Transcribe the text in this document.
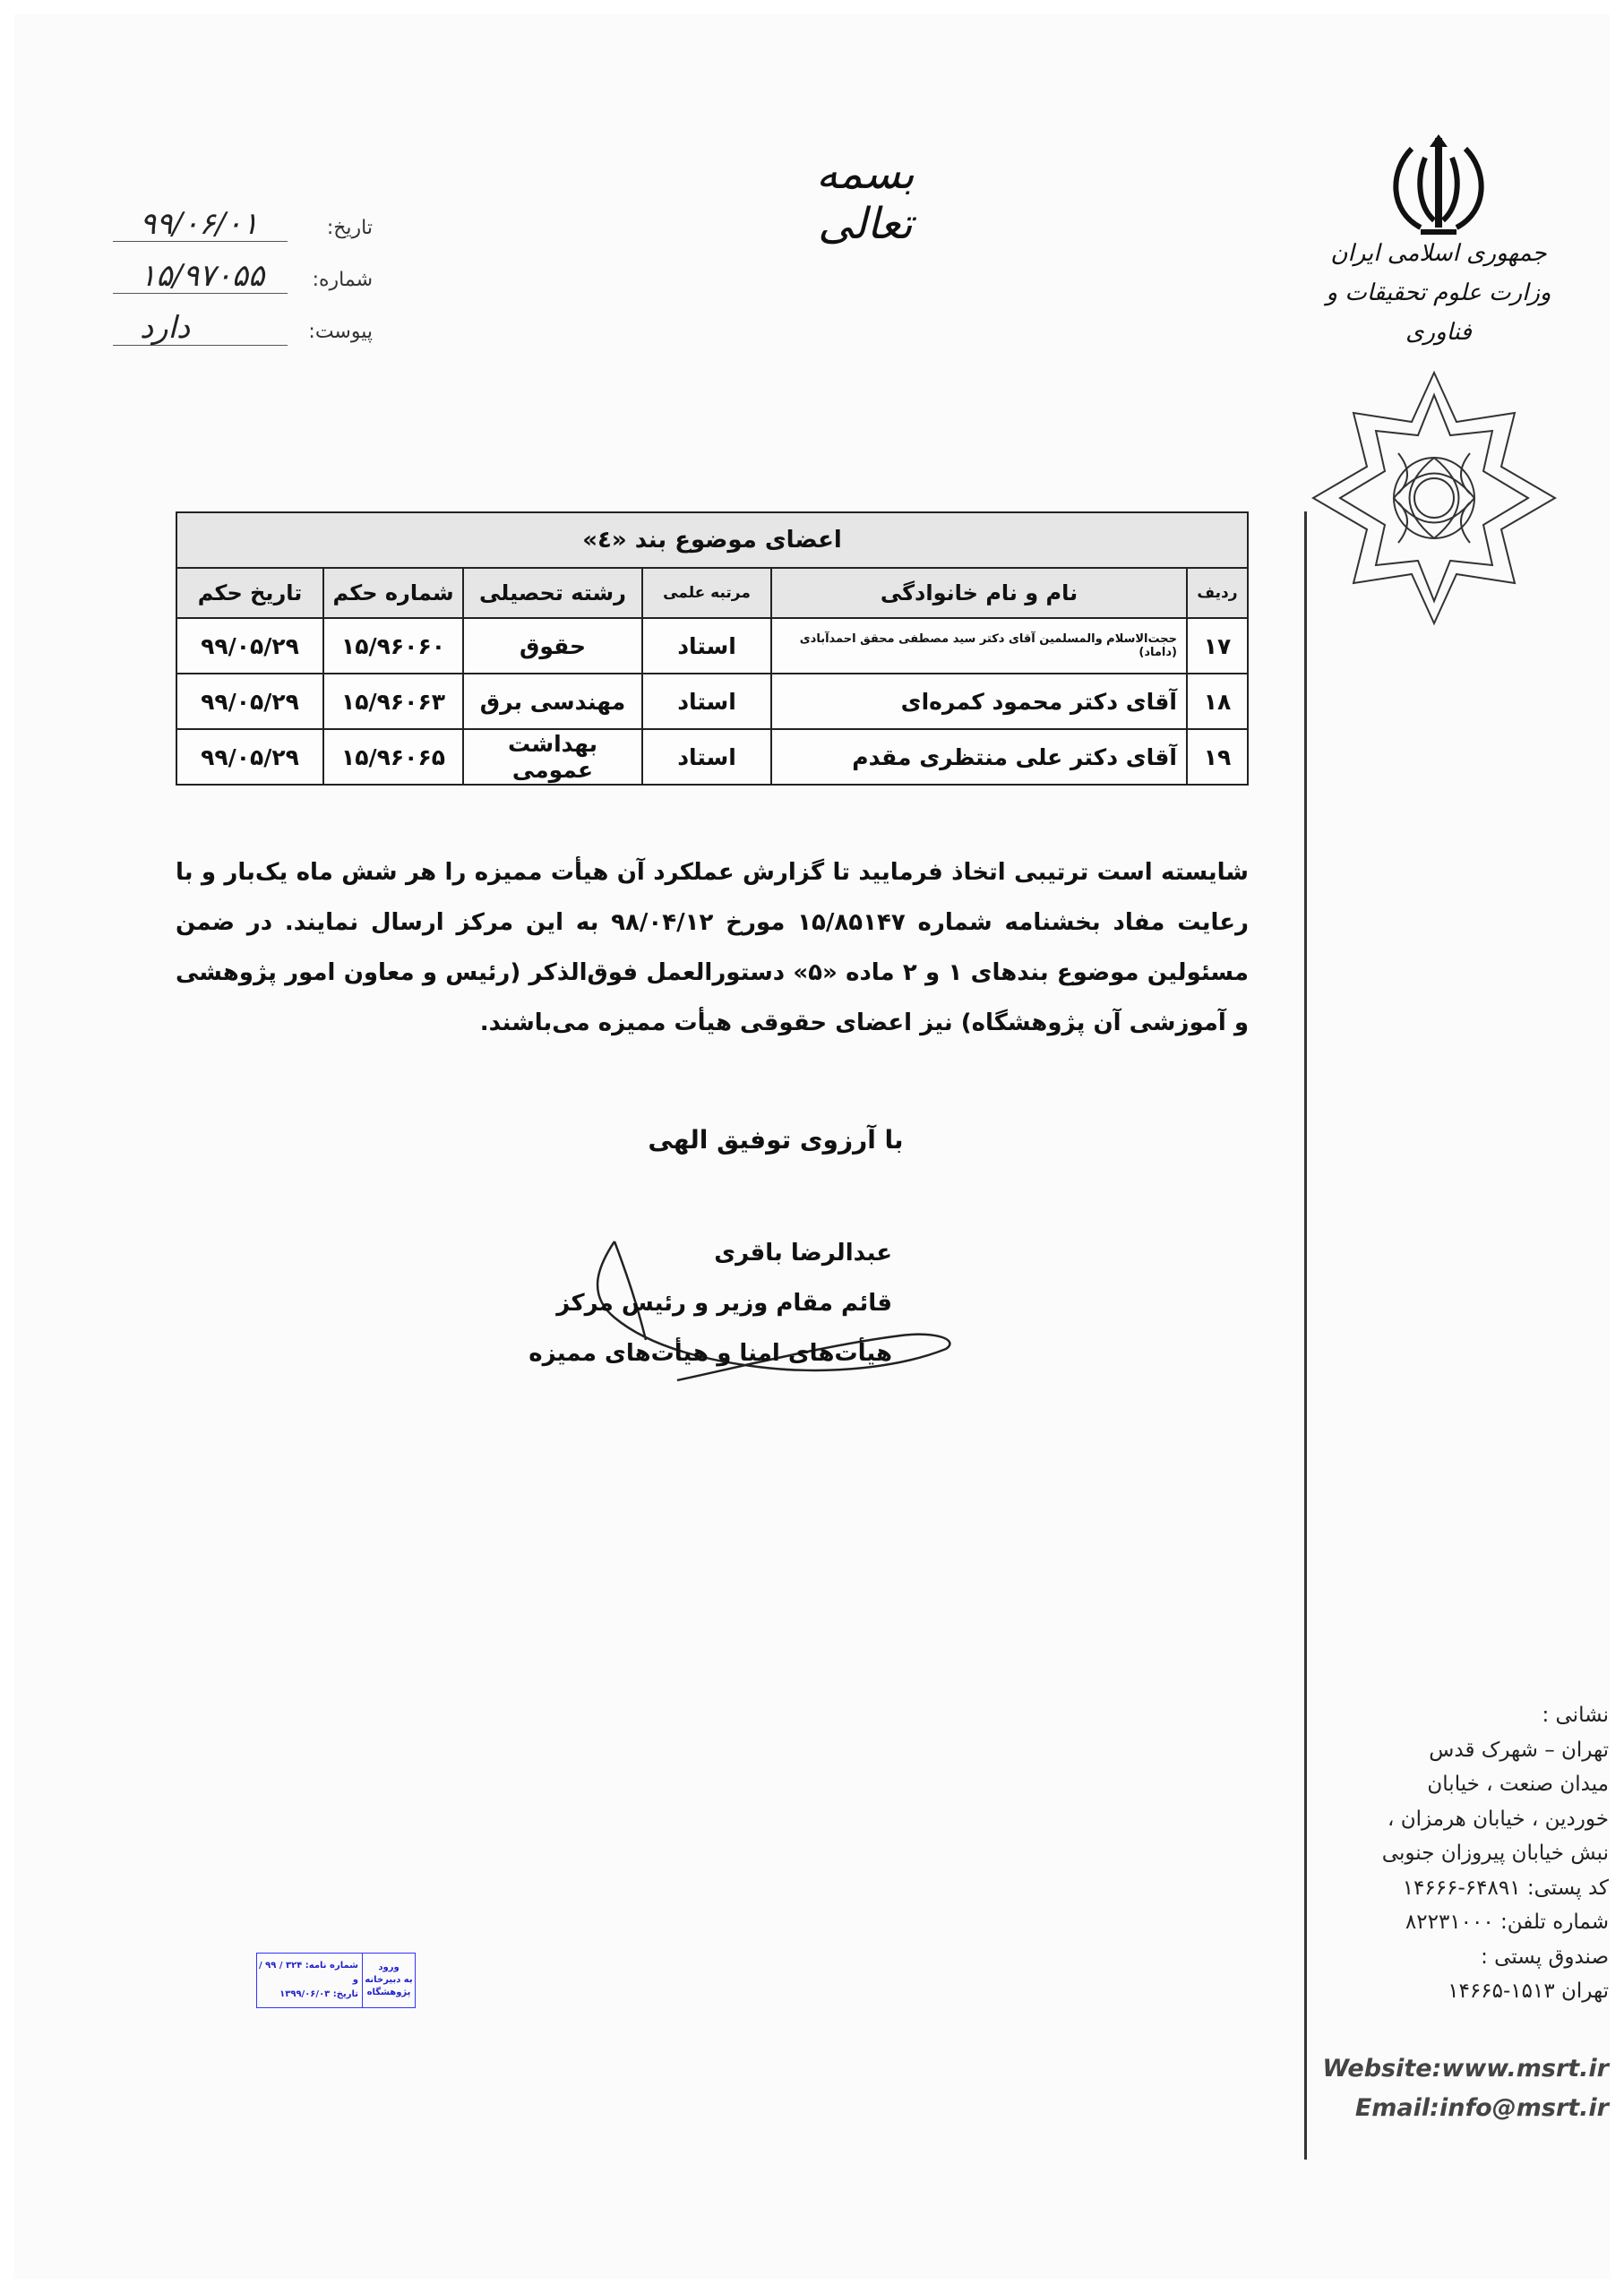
بسمه تعالی
جمهوری اسلامی ایران
وزارت علوم تحقیقات و فناوری
تاریخ:
۹۹/۰۶/۰۱
شماره:
۱۵/۹۷۰۵۵
پیوست:
دارد
اعضای موضوع بند «٤»					
ردیف	نام و نام خانوادگی	مرتبه علمی	رشته تحصیلی	شماره حکم	تاریخ حکم
۱۷	حجت‌الاسلام والمسلمین آقای دکتر سید مصطفی محقق احمدآبادی (داماد)	استاد	حقوق	۱۵/۹۶۰۶۰	۹۹/۰۵/۲۹
۱۸	آقای دکتر محمود کمره‌ای	استاد	مهندسی برق	۱۵/۹۶۰۶۳	۹۹/۰۵/۲۹
۱۹	آقای دکتر علی منتظری مقدم	استاد	بهداشت عمومی	۱۵/۹۶۰۶۵	۹۹/۰۵/۲۹
شایسته است ترتیبی اتخاذ فرمایید تا گزارش عملکرد آن هیأت ممیزه را هر شش ماه یک‌بار و با رعایت مفاد بخشنامه شماره ۱۵/۸۵۱۴۷ مورخ ۹۸/۰۴/۱۲ به این مرکز ارسال نمایند. در ضمن مسئولین موضوع بندهای ۱ و ۲ ماده «۵» دستورالعمل فوق‌الذکر (رئیس و معاون امور پژوهشی و آموزشی آن پژوهشگاه) نیز اعضای حقوقی هیأت ممیزه می‌باشند.
با آرزوی توفیق الهی
عبدالرضا باقری
قائم مقام وزیر و رئیس مرکز
هیأت‌های امنا و هیأت‌های ممیزه
نشانی :
تهران – شهرک قدس
میدان صنعت ، خیابان
خوردین ، خیابان هرمزان ،
نبش خیابان پیروزان جنوبی
کد پستی: ۶۴۸۹۱-۱۴۶۶۶
شماره تلفن: ۸۲۲۳۱۰۰۰
صندوق پستی :
تهران ۱۵۱۳-۱۴۶۶۵
Website:www.msrt.ir
Email:info@msrt.ir
ورود
به دبیرخانه
پژوهشگاه
شماره نامه: ۳۲۴ / ۹۹ / و
تاریخ: ۱۳۹۹/۰۶/۰۳
